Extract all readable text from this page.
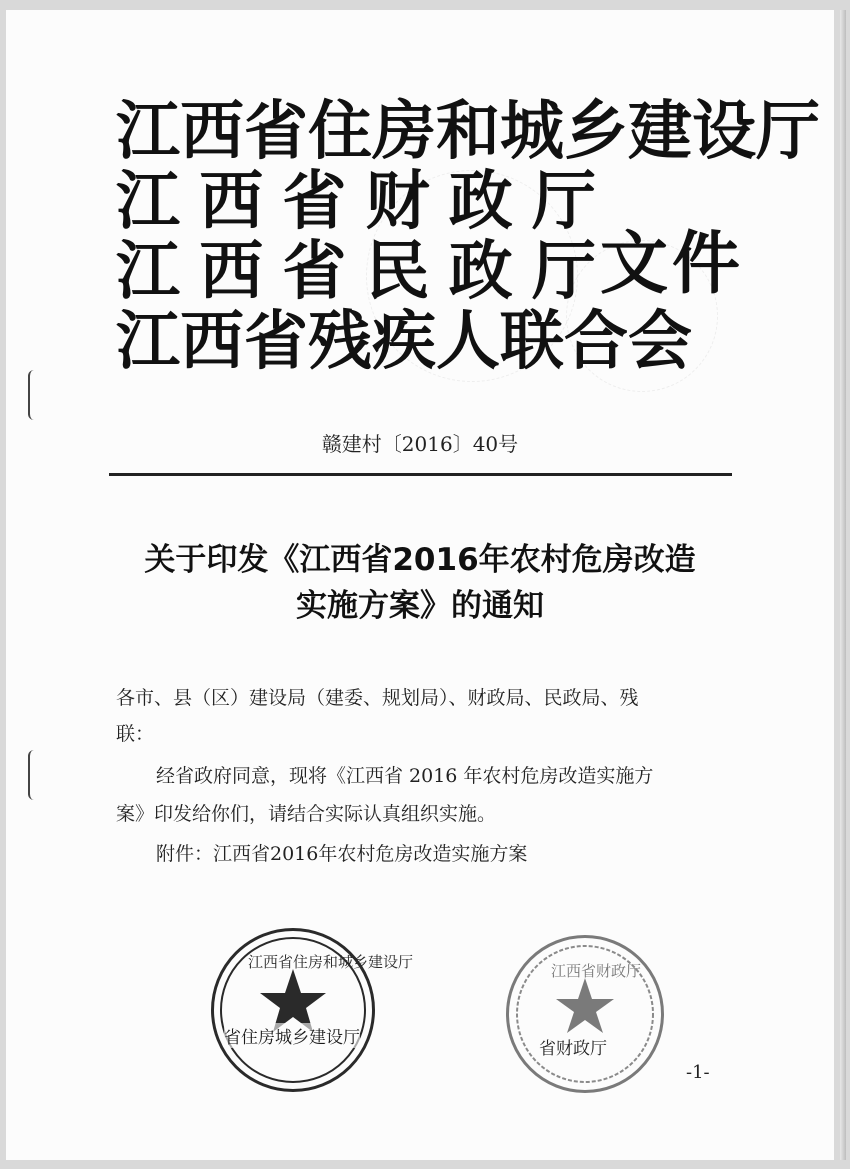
江西省住房和城乡建设厅
江 西 省 财 政 厅
江 西 省 民 政 厅
江西省残疾人联合会
文件
赣建村〔2016〕40号
关于印发《江西省2016年农村危房改造
实施方案》的通知
各市、县（区）建设局（建委、规划局）、财政局、民政局、残
联：
经省政府同意，现将《江西省 2016 年农村危房改造实施方
案》印发给你们，请结合实际认真组织实施。
附件：江西省2016年农村危房改造实施方案
省住房城乡建设厅
江西省住房和城乡建设厅
省财政厅
江西省财政厅
-1-
